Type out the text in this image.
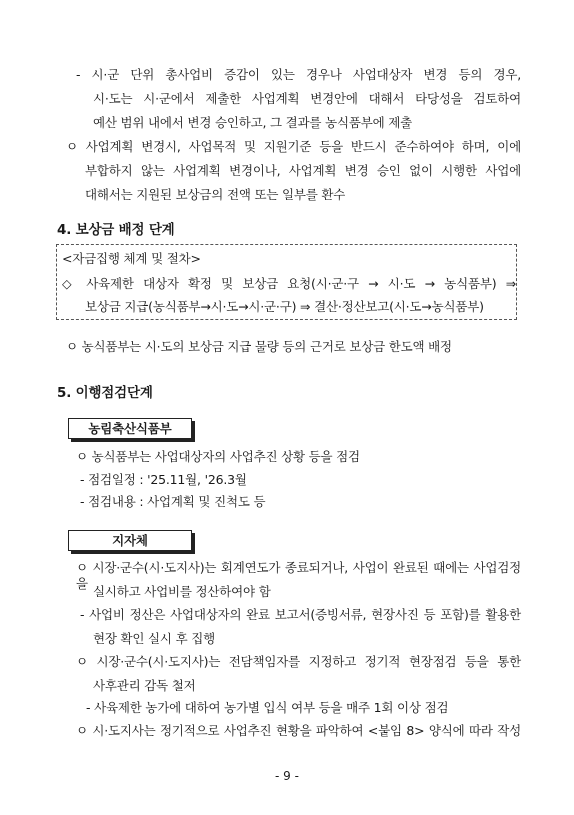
- 시·군 단위 총사업비 증감이 있는 경우나 사업대상자 변경 등의 경우,
시·도는 시·군에서 제출한 사업계획 변경안에 대해서 타당성을 검토하여
예산 범위 내에서 변경 승인하고, 그 결과를 농식품부에 제출
ㅇ 사업계획 변경시, 사업목적 및 지원기준 등을 반드시 준수하여야 하며, 이에
부합하지 않는 사업계획 변경이나, 사업계획 변경 승인 없이 시행한 사업에
대해서는 지원된 보상금의 전액 또는 일부를 환수
4. 보상금 배정 단계
<자금집행 체계 및 절차>
◇ 사육제한 대상자 확정 및 보상금 요청(시·군·구 → 시·도 → 농식품부) ⇒
보상금 지급(농식품부→시·도→시·군·구) ⇒ 결산·정산보고(시·도→농식품부)
ㅇ 농식품부는 시·도의 보상금 지급 물량 등의 근거로 보상금 한도액 배정
5. 이행점검단계
농림축산식품부
ㅇ 농식품부는 사업대상자의 사업추진 상황 등을 점검
- 점검일정 : '25.11월, '26.3월
- 점검내용 : 사업계획 및 진척도 등
지자체
ㅇ 시장·군수(시·도지사)는 회계연도가 종료되거나, 사업이 완료된 때에는 사업검정을
실시하고 사업비를 정산하여야 함
- 사업비 정산은 사업대상자의 완료 보고서(증빙서류, 현장사진 등 포함)를 활용한
현장 확인 실시 후 집행
ㅇ 시장·군수(시·도지사)는 전담책임자를 지정하고 정기적 현장점검 등을 통한
사후관리 감독 철저
- 사육제한 농가에 대하여 농가별 입식 여부 등을 매주 1회 이상 점검
ㅇ 시·도지사는 정기적으로 사업추진 현황을 파악하여 <붙임 8> 양식에 따라 작성
- 9 -
